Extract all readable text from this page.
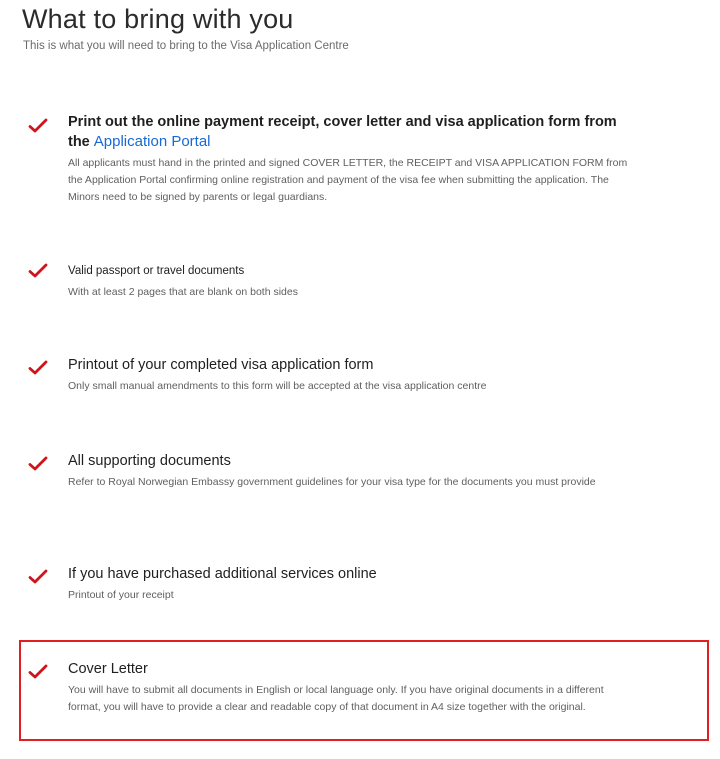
What to bring with you
This is what you will need to bring to the Visa Application Centre
Print out the online payment receipt, cover letter and visa application form from the Application Portal
All applicants must hand in the printed and signed COVER LETTER, the RECEIPT and VISA APPLICATION FORM from the Application Portal confirming online registration and payment of the visa fee when submitting the application. The Minors need to be signed by parents or legal guardians.
Valid passport or travel documents
With at least 2 pages that are blank on both sides
Printout of your completed visa application form
Only small manual amendments to this form will be accepted at the visa application centre
All supporting documents
Refer to Royal Norwegian Embassy government guidelines for your visa type for the documents you must provide
If you have purchased additional services online
Printout of your receipt
Cover Letter
You will have to submit all documents in English or local language only. If you have original documents in a different format, you will have to provide a clear and readable copy of that document in A4 size together with the original.
